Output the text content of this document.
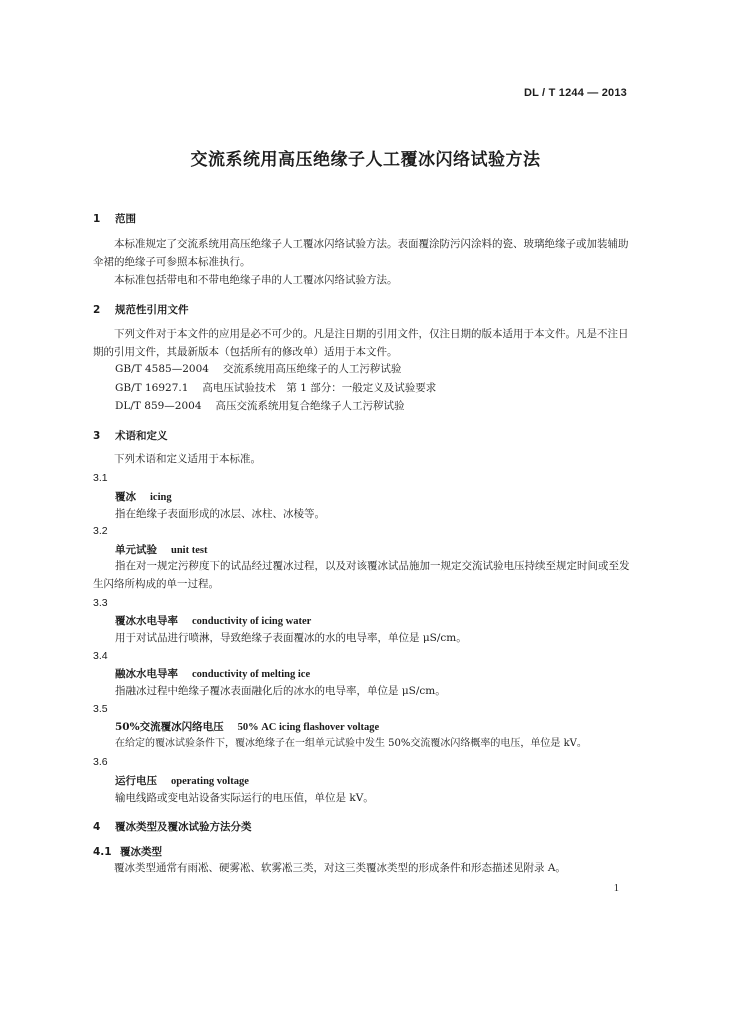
DL / T 1244 — 2013
交流系统用高压绝缘子人工覆冰闪络试验方法
1 范围
本标准规定了交流系统用高压绝缘子人工覆冰闪络试验方法。表面覆涂防污闪涂料的瓷、玻璃绝缘子或加装辅助伞裙的绝缘子可参照本标准执行。
本标准包括带电和不带电绝缘子串的人工覆冰闪络试验方法。
2 规范性引用文件
下列文件对于本文件的应用是必不可少的。凡是注日期的引用文件，仅注日期的版本适用于本文件。凡是不注日期的引用文件，其最新版本（包括所有的修改单）适用于本文件。
GB/T 4585—2004 交流系统用高压绝缘子的人工污秽试验
GB/T 16927.1 高电压试验技术　第 1 部分：一般定义及试验要求
DL/T 859—2004 高压交流系统用复合绝缘子人工污秽试验
3 术语和定义
下列术语和定义适用于本标准。
3.1
覆冰 icing
指在绝缘子表面形成的冰层、冰柱、冰棱等。
3.2
单元试验 unit test
指在对一规定污秽度下的试品经过覆冰过程，以及对该覆冰试品施加一规定交流试验电压持续至规定时间或至发生闪络所构成的单一过程。
3.3
覆冰水电导率 conductivity of icing water
用于对试品进行喷淋，导致绝缘子表面覆冰的水的电导率，单位是 μS/cm。
3.4
融冰水电导率 conductivity of melting ice
指融冰过程中绝缘子覆冰表面融化后的冰水的电导率，单位是 μS/cm。
3.5
50%交流覆冰闪络电压 50% AC icing flashover voltage
在给定的覆冰试验条件下，覆冰绝缘子在一组单元试验中发生 50%交流覆冰闪络概率的电压，单位是 kV。
3.6
运行电压 operating voltage
输电线路或变电站设备实际运行的电压值，单位是 kV。
4 覆冰类型及覆冰试验方法分类
4.1 覆冰类型
覆冰类型通常有雨凇、硬雾凇、软雾凇三类，对这三类覆冰类型的形成条件和形态描述见附录 A。
1
